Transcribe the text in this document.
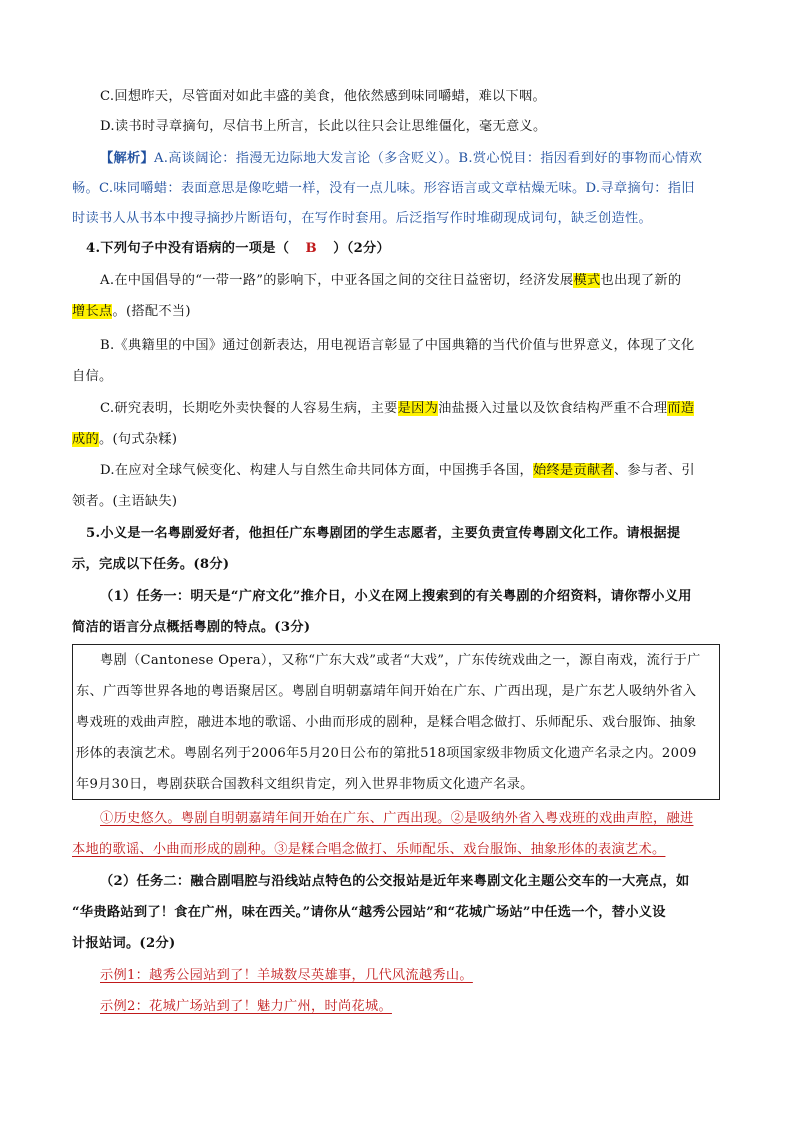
C.回想昨天，尽管面对如此丰盛的美食，他依然感到味同嚼蜡，难以下咽。
D.读书时寻章摘句，尽信书上所言，长此以往只会让思维僵化，毫无意义。
【解析】A.高谈阔论：指漫无边际地大发言论（多含贬义）。B.赏心悦目：指因看到好的事物而心情欢
畅。C.味同嚼蜡：表面意思是像吃蜡一样，没有一点儿味。形容语言或文章枯燥无味。D.寻章摘句：指旧
时读书人从书本中搜寻摘抄片断语句，在写作时套用。后泛指写作时堆砌现成词句，缺乏创造性。
4.下列句子中没有语病的一项是（ B ）（2分）
A.在中国倡导的“一带一路”的影响下，中亚各国之间的交往日益密切，经济发展模式也出现了新的
增长点。(搭配不当)
B.《典籍里的中国》通过创新表达，用电视语言彰显了中国典籍的当代价值与世界意义，体现了文化
自信。
C.研究表明，长期吃外卖快餐的人容易生病，主要是因为油盐摄入过量以及饮食结构严重不合理而造
成的。(句式杂糅)
D.在应对全球气候变化、构建人与自然生命共同体方面，中国携手各国，始终是贡献者、参与者、引
领者。(主语缺失)
5.小义是一名粤剧爱好者，他担任广东粤剧团的学生志愿者，主要负责宣传粤剧文化工作。请根据提
示，完成以下任务。(8分)
（1）任务一：明天是“广府文化”推介日，小义在网上搜索到的有关粤剧的介绍资料，请你帮小义用
简洁的语言分点概括粤剧的特点。(3分)
粤剧（Cantonese Opera），又称“广东大戏”或者“大戏”，广东传统戏曲之一，源自南戏，流行于广
东、广西等世界各地的粤语聚居区。粤剧自明朝嘉靖年间开始在广东、广西出现，是广东艺人吸纳外省入
粤戏班的戏曲声腔，融进本地的歌谣、小曲而形成的剧种，是糅合唱念做打、乐师配乐、戏台服饰、抽象
形体的表演艺术。粤剧名列于2006年5月20日公布的第批518项国家级非物质文化遗产名录之内。2009
年9月30日，粤剧获联合国教科文组织肯定，列入世界非物质文化遗产名录。
①历史悠久。粤剧自明朝嘉靖年间开始在广东、广西出现。②是吸纳外省入粤戏班的戏曲声腔，融进
本地的歌谣、小曲而形成的剧种。③是糅合唱念做打、乐师配乐、戏台服饰、抽象形体的表演艺术。
（2）任务二：融合剧唱腔与沿线站点特色的公交报站是近年来粤剧文化主题公交车的一大亮点，如
“华贵路站到了！食在广州，味在西关。”请你从“越秀公园站”和“花城广场站”中任选一个，替小义设
计报站词。(2分)
示例1：越秀公园站到了！羊城数尽英雄事，几代风流越秀山。
示例2：花城广场站到了！魅力广州，时尚花城。
